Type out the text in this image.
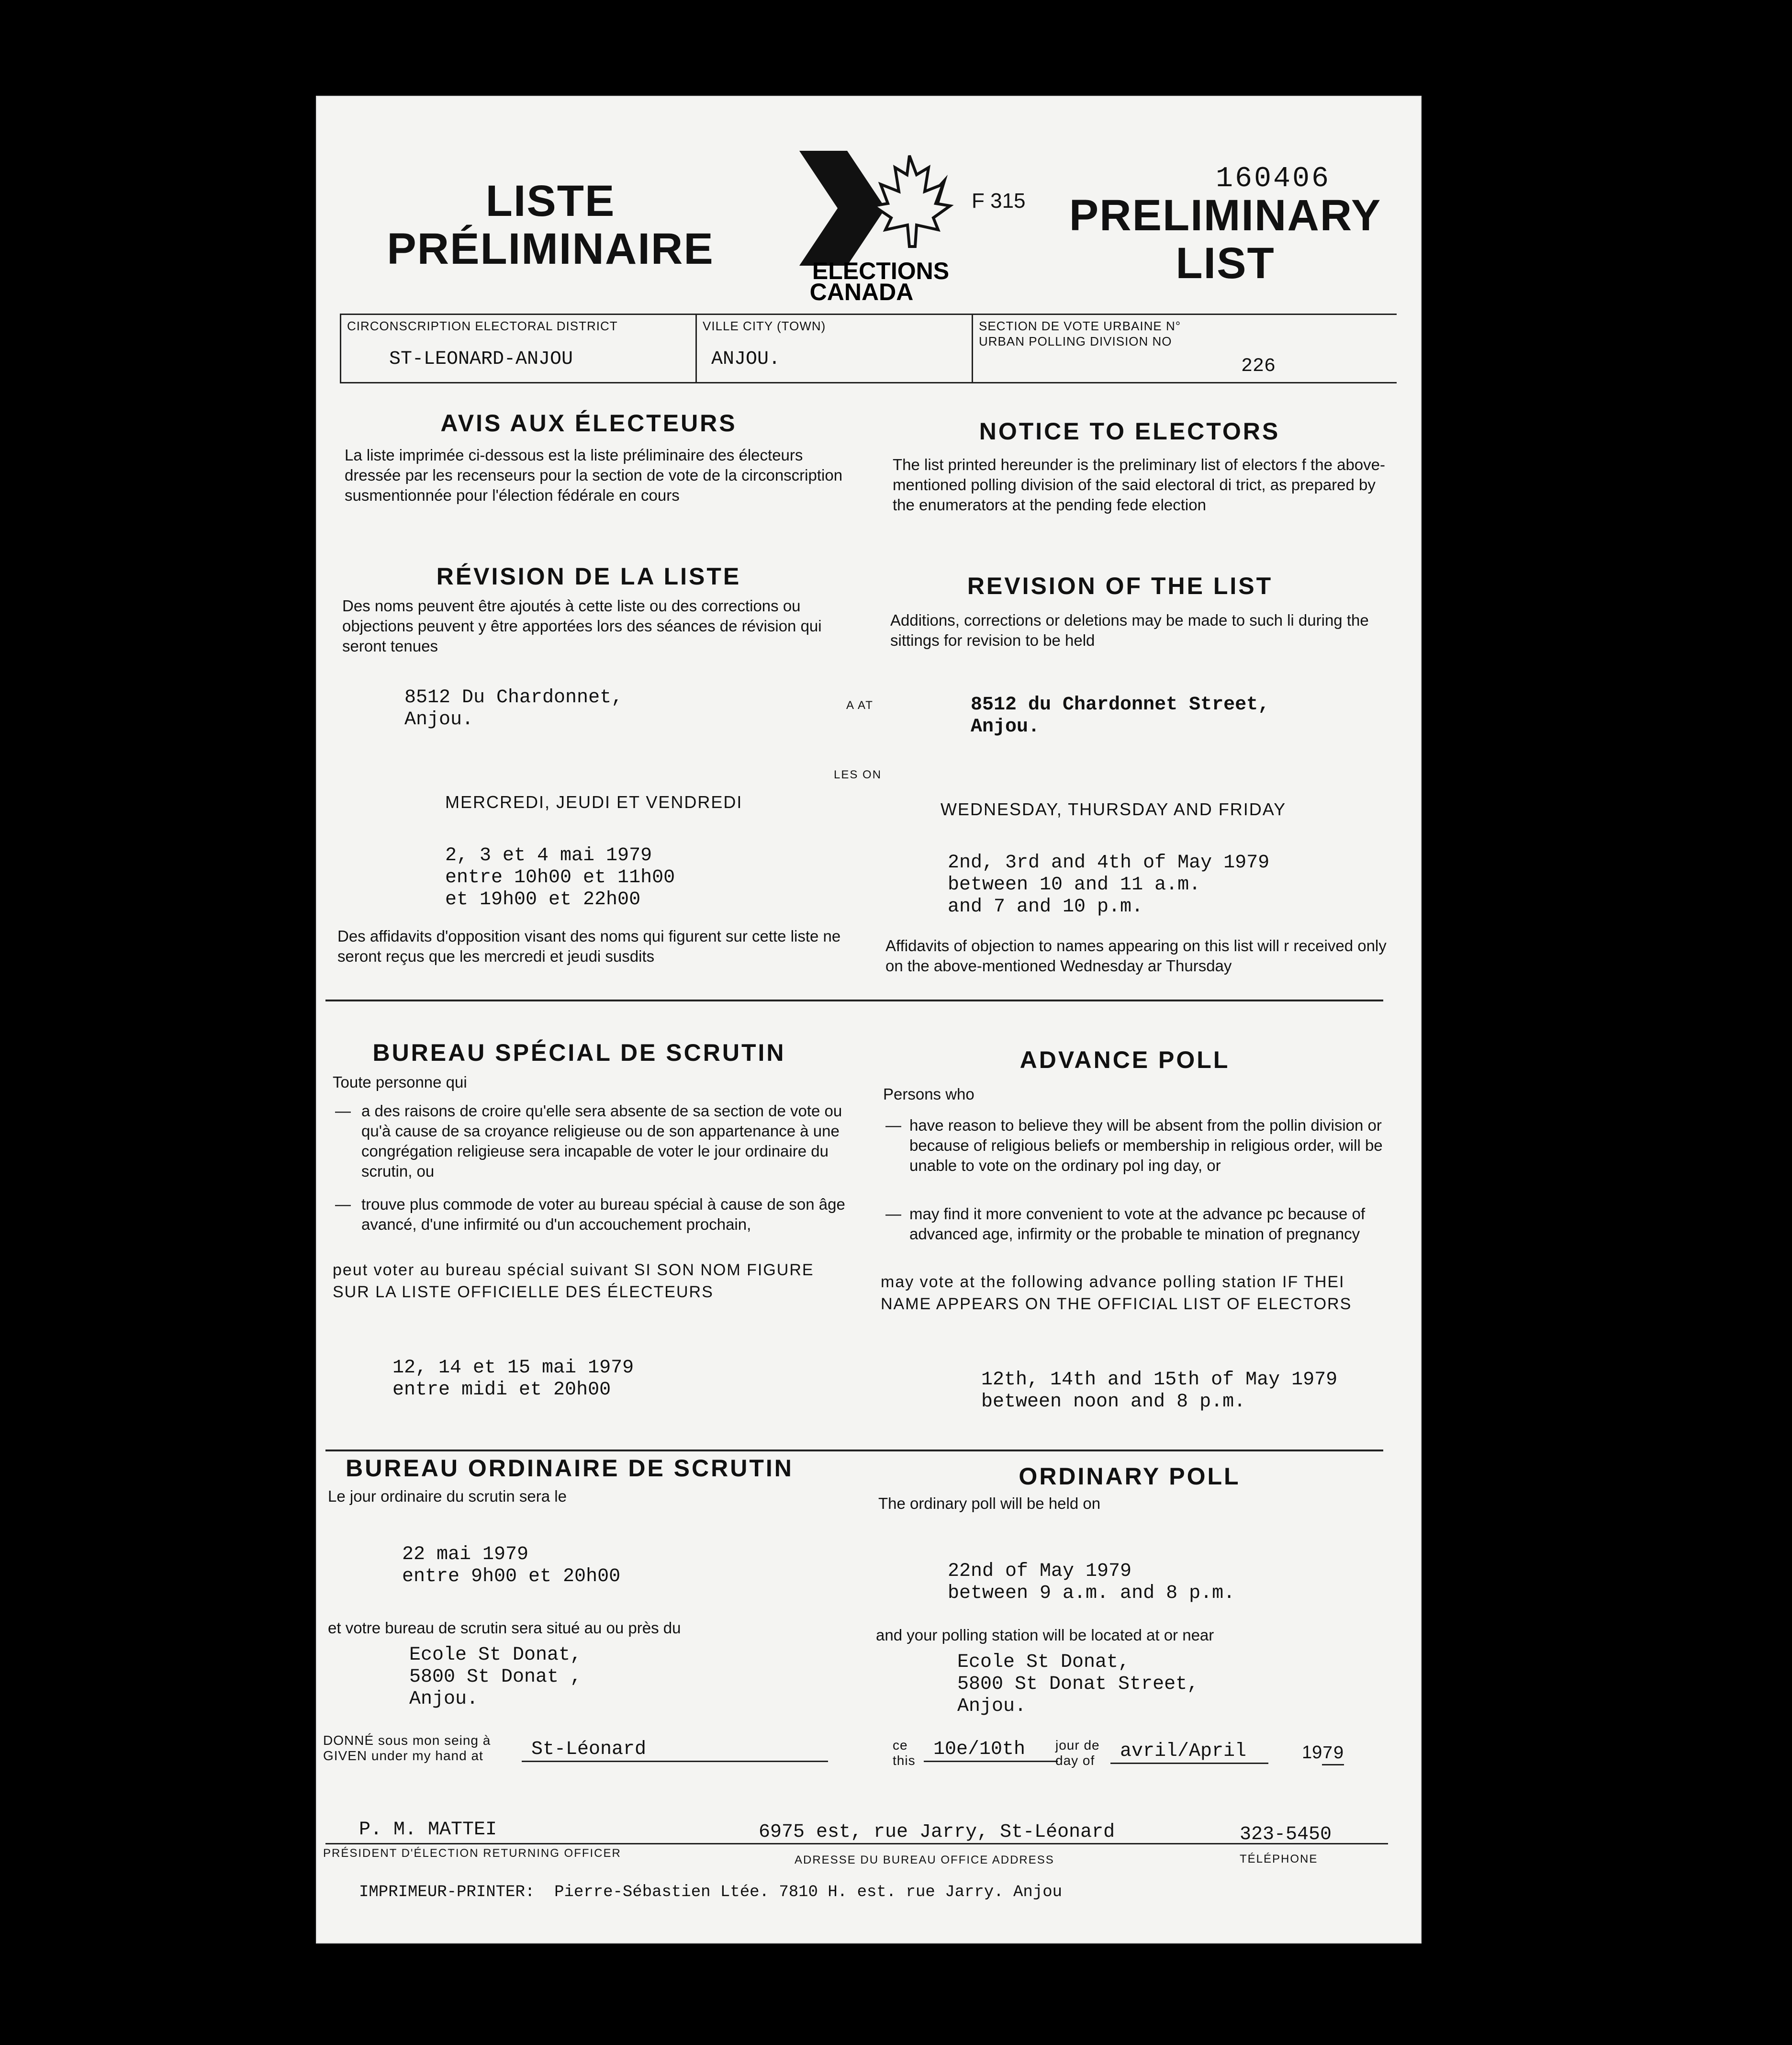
LISTE
PRÉLIMINAIRE	ELECTIONS
CANADA
F 315
160406
PRELIMINARY
LIST
CIRCONSCRIPTION ELECTORAL DISTRICT
ST-LEONARD-ANJOU
VILLE CITY (TOWN)
ANJOU.
SECTION DE VOTE URBAINE N°
URBAN POLLING DIVISION NO
226
AVIS AUX ÉLECTEURS
La liste imprimée ci-dessous est la liste préliminaire des électeurs dressée par les recenseurs pour la section de vote de la circonscription susmentionnée pour l'élection fédérale en cours
NOTICE TO ELECTORS
The list printed hereunder is the preliminary list of electors f the above-mentioned polling division of the said electoral di trict, as prepared by the enumerators at the pending fede election
RÉVISION DE LA LISTE
Des noms peuvent être ajoutés à cette liste ou des corrections ou objections peuvent y être apportées lors des séances de révision qui seront tenues
REVISION OF THE LIST
Additions, corrections or deletions may be made to such li during the sittings for revision to be held
8512 Du Chardonnet,
Anjou.
A AT	8512 du Chardonnet Street,
Anjou.
LES ON
MERCREDI, JEUDI ET VENDREDI	WEDNESDAY, THURSDAY AND FRIDAY
2, 3 et 4 mai 1979
entre 10h00 et 11h00
et 19h00 et 22h00
2nd, 3rd and 4th of May 1979
between 10 and 11 a.m.
and 7 and 10 p.m.
Des affidavits d'opposition visant des noms qui figurent sur cette liste ne seront reçus que les mercredi et jeudi susdits
Affidavits of objection to names appearing on this list will r received only on the above-mentioned Wednesday ar Thursday
BUREAU SPÉCIAL DE SCRUTIN
Toute personne qui
— a des raisons de croire qu'elle sera absente de sa section de vote ou qu'à cause de sa croyance religieuse ou de son appartenance à une congrégation religieuse sera incapable de voter le jour ordinaire du scrutin, ou
— trouve plus commode de voter au bureau spécial à cause de son âge avancé, d'une infirmité ou d'un accouchement prochain,
peut voter au bureau spécial suivant SI SON NOM FIGURE SUR LA LISTE OFFICIELLE DES ÉLECTEURS
12, 14 et 15 mai 1979
entre midi et 20h00
ADVANCE POLL
Persons who
— have reason to believe they will be absent from the pollin division or because of religious beliefs or membership in religious order, will be unable to vote on the ordinary pol ing day, or
— may find it more convenient to vote at the advance pc because of advanced age, infirmity or the probable te mination of pregnancy
may vote at the following advance polling station IF THEI NAME APPEARS ON THE OFFICIAL LIST OF ELECTORS
12th, 14th and 15th of May 1979
between noon and 8 p.m.
BUREAU ORDINAIRE DE SCRUTIN
Le jour ordinaire du scrutin sera le
22 mai 1979
entre 9h00 et 20h00
et votre bureau de scrutin sera situé au ou près du
Ecole St Donat,
5800 St Donat ,
Anjou.
ORDINARY POLL
The ordinary poll will be held on
22nd of May 1979
between 9 a.m. and 8 p.m.
and your polling station will be located at or near
Ecole St Donat,
5800 St Donat Street,
Anjou.
DONNÉ sous mon seing à
GIVEN under my hand at	St-Léonard	ce
this
10e/10th	jour de
day of	avril/April	1979
P. M. MATTEI
PRÉSIDENT D'ÉLECTION RETURNING OFFICER
6975 est, rue Jarry, St-Léonard
ADRESSE DU BUREAU OFFICE ADDRESS
323-5450
TÉLÉPHONE
IMPRIMEUR-PRINTER:  Pierre-Sébastien Ltée. 7810 H. est. rue Jarry. Anjou
